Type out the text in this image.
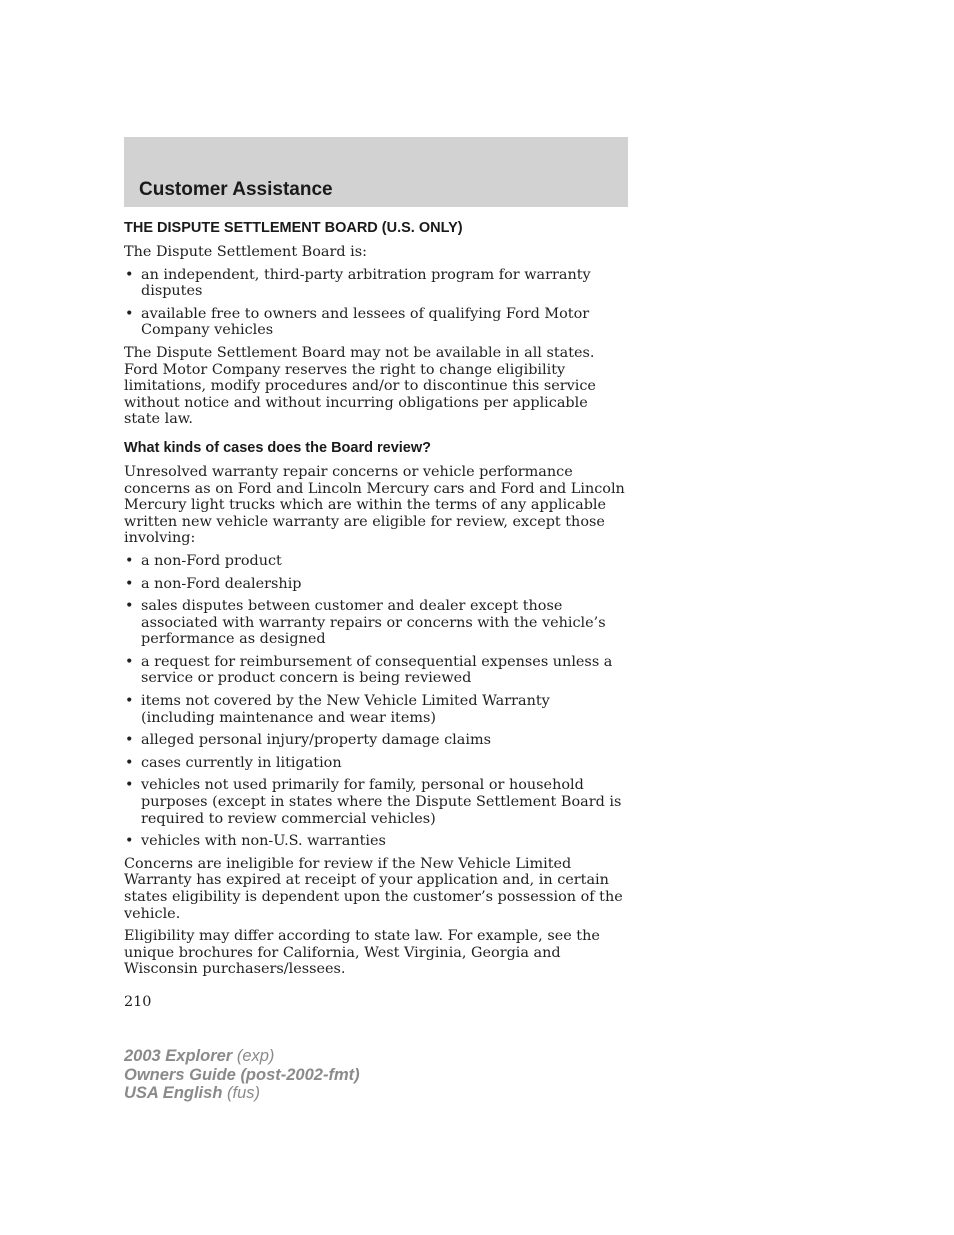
Customer Assistance
THE DISPUTE SETTLEMENT BOARD (U.S. ONLY)

The Dispute Settlement Board is:

• an independent, third-party arbitration program for warranty disputes
• available free to owners and lessees of qualifying Ford Motor Company vehicles

The Dispute Settlement Board may not be available in all states. Ford Motor Company reserves the right to change eligibility limitations, modify procedures and/or to discontinue this service without notice and without incurring obligations per applicable state law.

What kinds of cases does the Board review?

Unresolved warranty repair concerns or vehicle performance concerns as on Ford and Lincoln Mercury cars and Ford and Lincoln Mercury light trucks which are within the terms of any applicable written new vehicle warranty are eligible for review, except those involving:

• a non-Ford product
• a non-Ford dealership
• sales disputes between customer and dealer except those associated with warranty repairs or concerns with the vehicle’s performance as designed
• a request for reimbursement of consequential expenses unless a service or product concern is being reviewed
• items not covered by the New Vehicle Limited Warranty (including maintenance and wear items)
• alleged personal injury/property damage claims
• cases currently in litigation
• vehicles not used primarily for family, personal or household purposes (except in states where the Dispute Settlement Board is required to review commercial vehicles)
• vehicles with non-U.S. warranties

Concerns are ineligible for review if the New Vehicle Limited Warranty has expired at receipt of your application and, in certain states eligibility is dependent upon the customer’s possession of the vehicle.

Eligibility may differ according to state law. For example, see the unique brochures for California, West Virginia, Georgia and Wisconsin purchasers/lessees.

210
2003 Explorer (exp)
Owners Guide (post-2002-fmt)
USA English (fus)
